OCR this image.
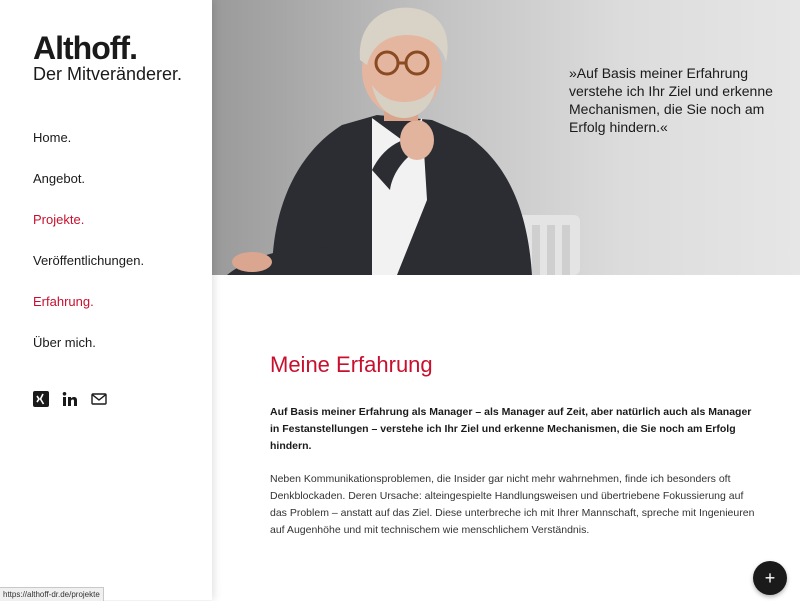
Althoff.

Der Mitveränderer.

Home.
Angebot.
Projekte.
Veröffentlichungen.
Erfahrung.
Über mich.

»Auf Basis meiner Erfahrung verstehe ich Ihr Ziel und erkenne Mechanismen, die Sie noch am Erfolg hindern.«

Meine Erfahrung

Auf Basis meiner Erfahrung als Manager – als Manager auf Zeit, aber natürlich auch als Manager in Festanstellungen – verstehe ich Ihr Ziel und erkenne Mechanismen, die Sie noch am Erfolg hindern.

Neben Kommunikationsproblemen, die Insider gar nicht mehr wahrnehmen, finde ich besonders oft Denkblockaden. Deren Ursache: alteingespielte Handlungsweisen und übertriebene Fokussierung auf das Problem – anstatt auf das Ziel. Diese unterbreche ich mit Ihrer Mannschaft, spreche mit Ingenieuren auf Augenhöhe und mit technischem wie menschlichem Verständnis.

https://althoff-dr.de/projekte
+
